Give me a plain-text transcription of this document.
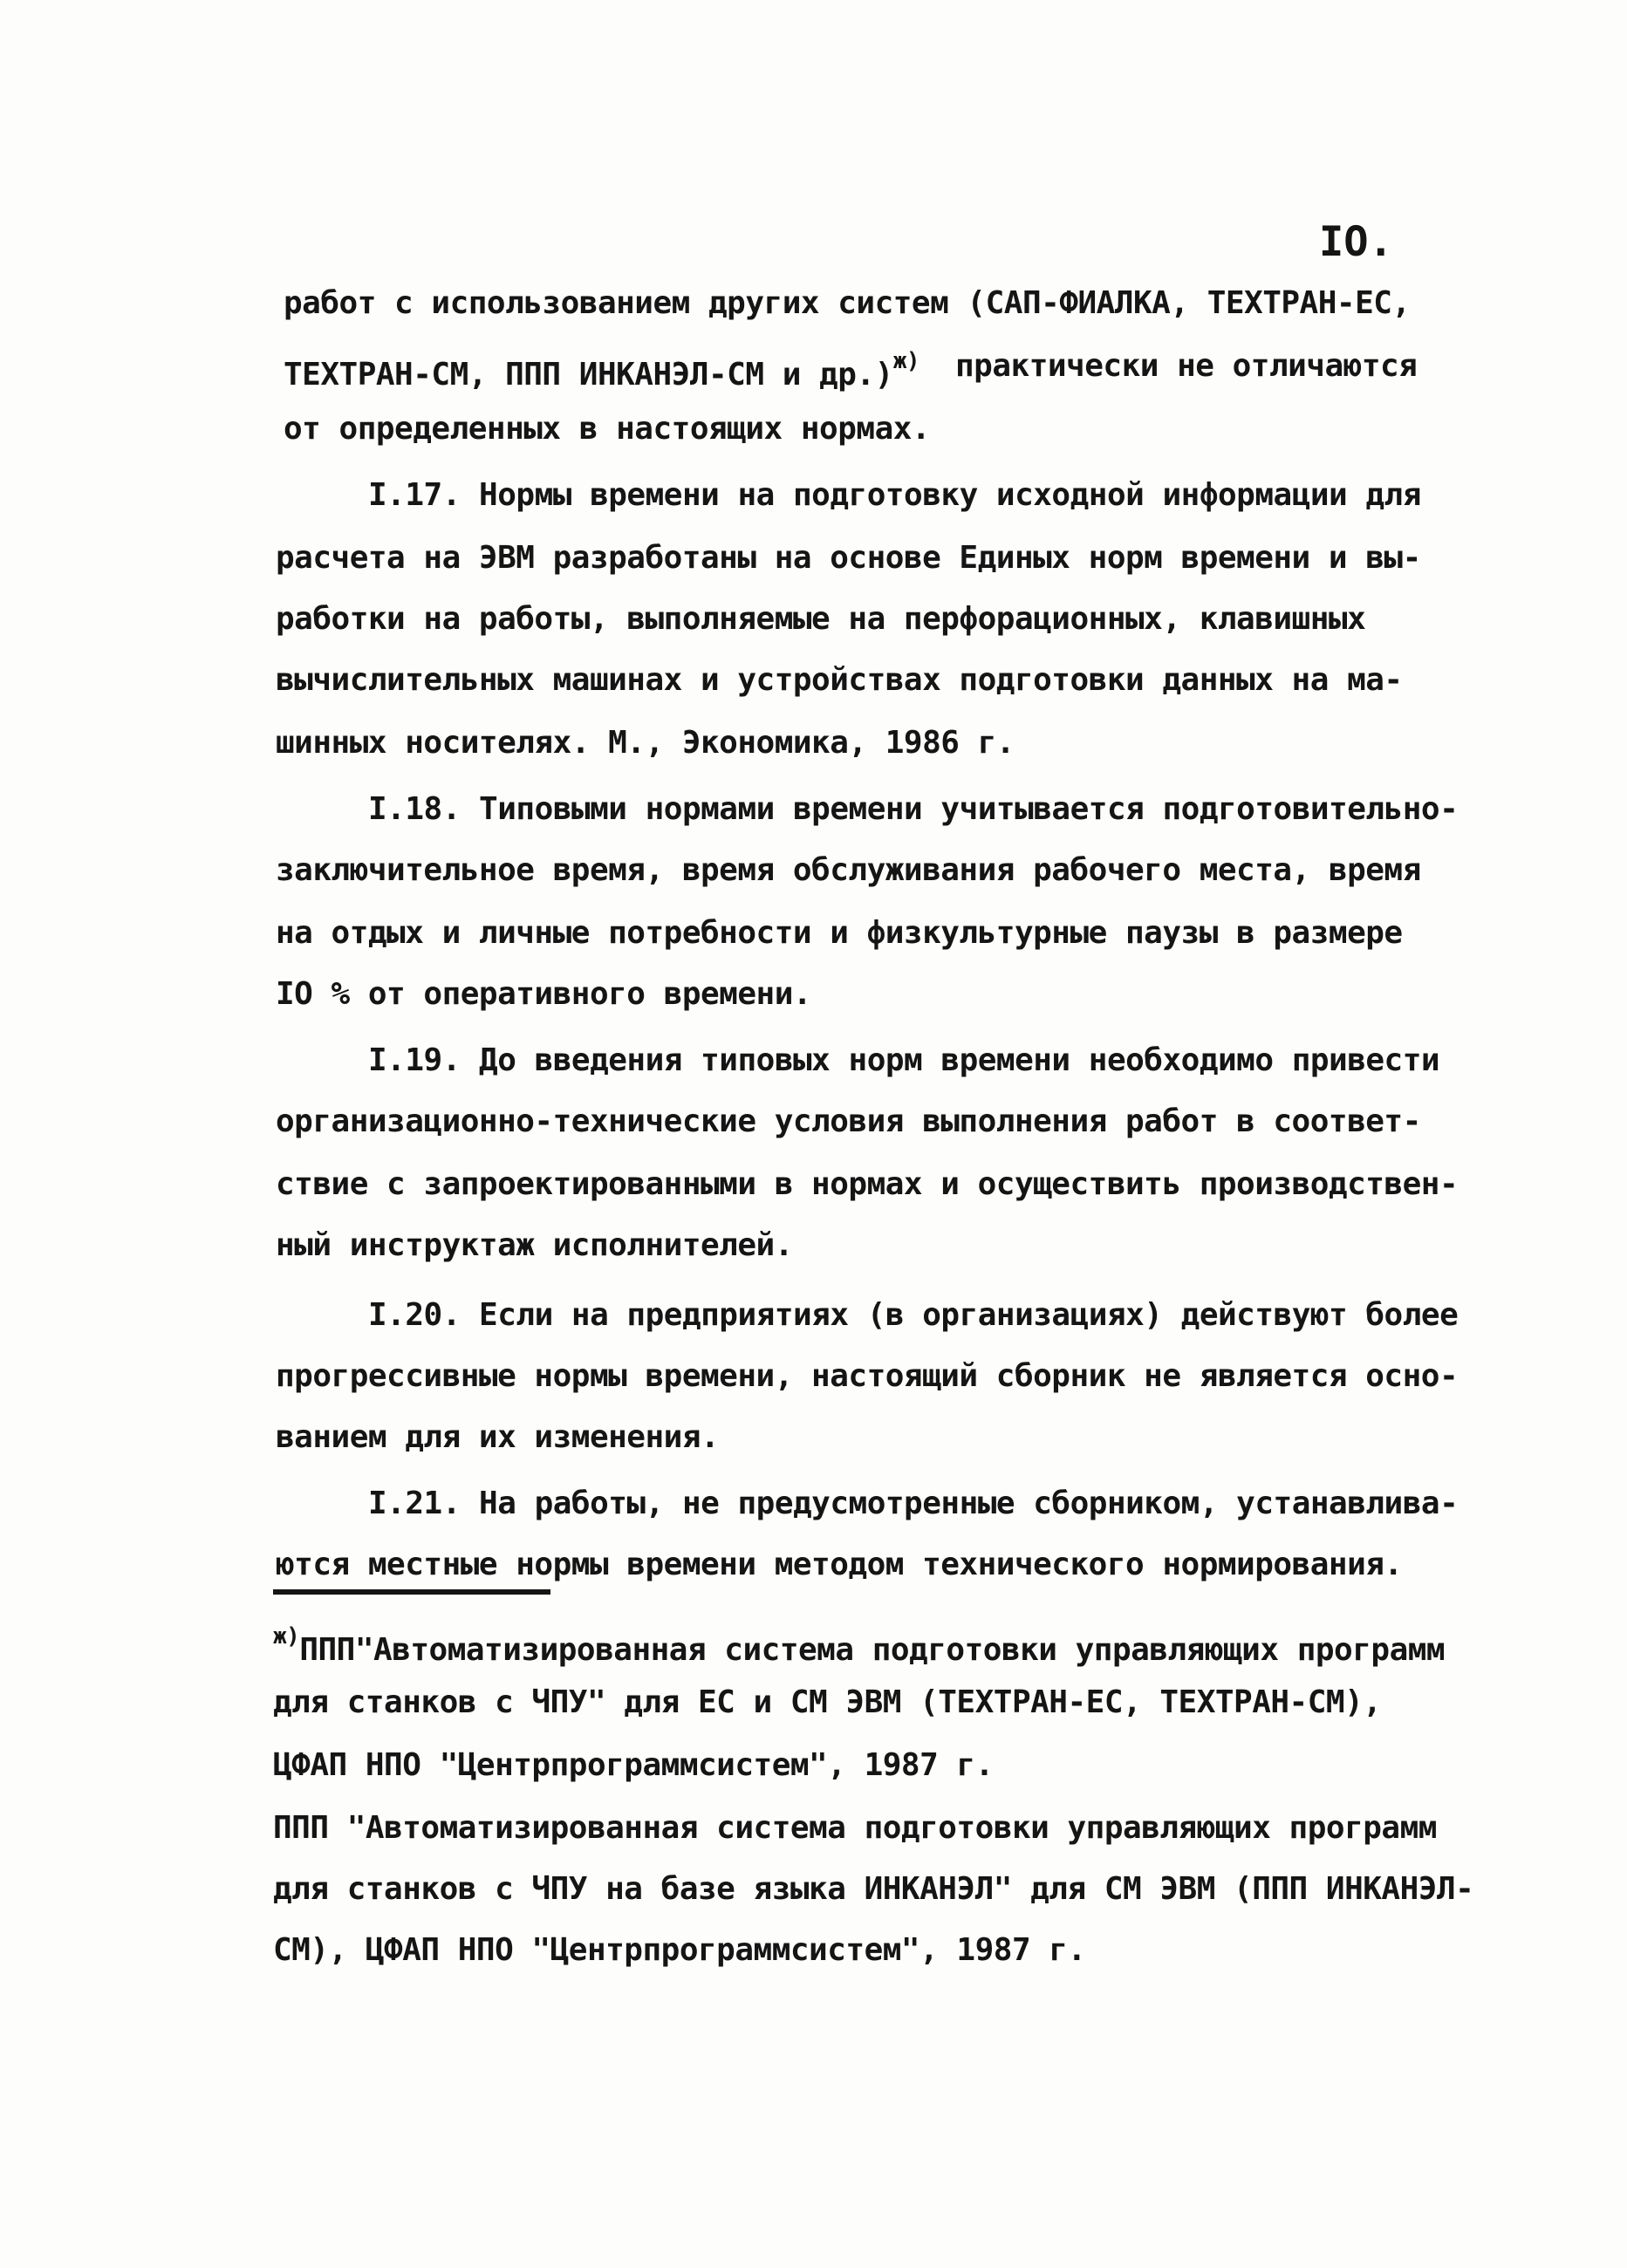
IO.
работ с использованием других систем (САП-ФИАЛКА, ТЕХТРАН-ЕС,
ТЕХТРАН-СМ, ППП ИНКАНЭЛ-СМ и др.)$^{ж)}$ практически не отличаются
от определенных в настоящих нормах.
I.17. Нормы времени на подготовку исходной информации для
расчета на ЭВМ разработаны на основе Единых норм времени и вы-
работки на работы, выполняемые на перфорационных, клавишных
вычислительных машинах и устройствах подготовки данных на ма-
шинных носителях. М., Экономика, 1986 г.
I.18. Типовыми нормами времени учитывается подготовительно-
заключительное время, время обслуживания рабочего места, время
на отдых и личные потребности и физкультурные паузы в размере
IO % от оперативного времени.
I.19. До введения типовых норм времени необходимо привести
организационно-технические условия выполнения работ в соответ-
ствие с запроектированными в нормах и осуществить производствен-
ный инструктаж исполнителей.
I.20. Если на предприятиях (в организациях) действуют более
прогрессивные нормы времени, настоящий сборник не является осно-
ванием для их изменения.
I.21. На работы, не предусмотренные сборником, устанавлива-
ются местные нормы времени методом технического нормирования.
$^{ж)}$ППП"Автоматизированная система подготовки управляющих программ
для станков с ЧПУ" для ЕС и СМ ЭВМ (ТЕХТРАН-ЕС, ТЕХТРАН-СМ),
ЦФАП НПО "Центрпрограммсистем", 1987 г.
ППП "Автоматизированная система подготовки управляющих программ
для станков с ЧПУ на базе языка ИНКАНЭЛ" для СМ ЭВМ (ППП ИНКАНЭЛ-
СМ), ЦФАП НПО "Центрпрограммсистем", 1987 г.
